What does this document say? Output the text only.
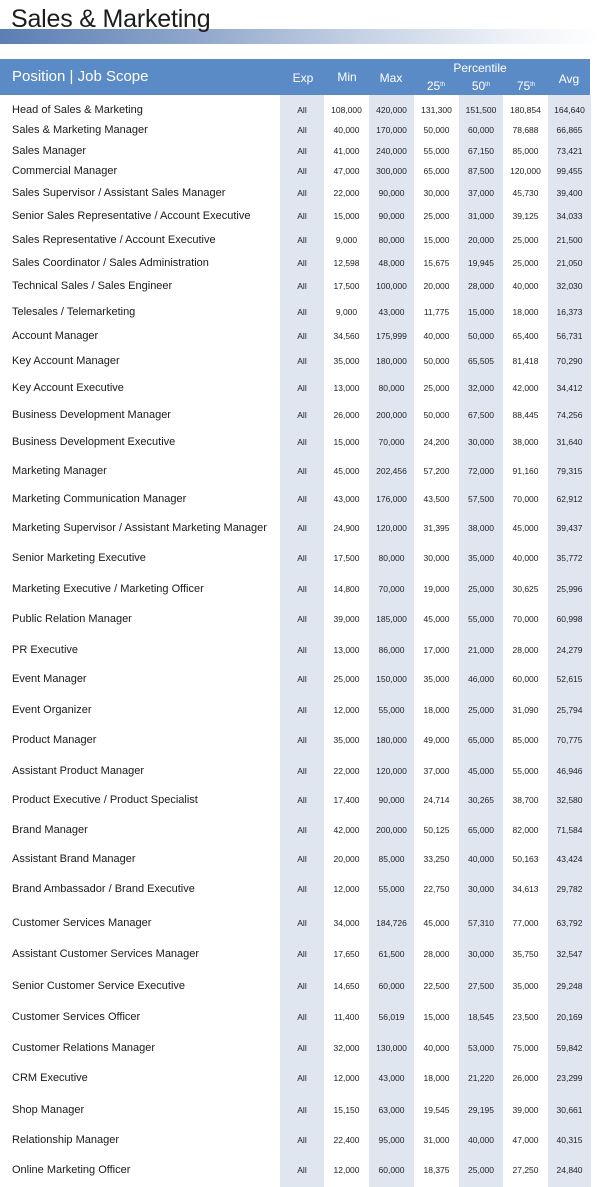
Sales & Marketing
Position | Job Scope	Exp	Min	Max
Percentile
25th	50th	75th	Avg
Head of Sales & Marketing	All	108,000	420,000	131,300	151,500	180,854	164,640
Sales & Marketing Manager	All	40,000	170,000	50,000	60,000	78,688	66,865
Sales Manager	All	41,000	240,000	55,000	67,150	85,000	73,421
Commercial Manager	All	47,000	300,000	65,000	87,500	120,000	99,455
Sales Supervisor / Assistant Sales Manager	All	22,000	90,000	30,000	37,000	45,730	39,400
Senior Sales Representative / Account Executive	All	15,000	90,000	25,000	31,000	39,125	34,033
Sales Representative / Account Executive	All	9,000	80,000	15,000	20,000	25,000	21,500
Sales Coordinator / Sales Administration	All	12,598	48,000	15,675	19,945	25,000	21,050
Technical Sales / Sales Engineer	All	17,500	100,000	20,000	28,000	40,000	32,030
Telesales / Telemarketing	All	9,000	43,000	11,775	15,000	18,000	16,373
Account Manager	All	34,560	175,999	40,000	50,000	65,400	56,731
Key Account Manager	All	35,000	180,000	50,000	65,505	81,418	70,290
Key Account Executive	All	13,000	80,000	25,000	32,000	42,000	34,412
Business Development Manager	All	26,000	200,000	50,000	67,500	88,445	74,256
Business Development Executive	All	15,000	70,000	24,200	30,000	38,000	31,640
Marketing Manager	All	45,000	202,456	57,200	72,000	91,160	79,315
Marketing Communication Manager	All	43,000	176,000	43,500	57,500	70,000	62,912
Marketing Supervisor / Assistant Marketing Manager	All	24,900	120,000	31,395	38,000	45,000	39,437
Senior Marketing Executive	All	17,500	80,000	30,000	35,000	40,000	35,772
Marketing Executive / Marketing Officer	All	14,800	70,000	19,000	25,000	30,625	25,996
Public Relation Manager	All	39,000	185,000	45,000	55,000	70,000	60,998
PR Executive	All	13,000	86,000	17,000	21,000	28,000	24,279
Event Manager	All	25,000	150,000	35,000	46,000	60,000	52,615
Event Organizer	All	12,000	55,000	18,000	25,000	31,090	25,794
Product Manager	All	35,000	180,000	49,000	65,000	85,000	70,775
Assistant Product Manager	All	22,000	120,000	37,000	45,000	55,000	46,946
Product Executive / Product Specialist	All	17,400	90,000	24,714	30,265	38,700	32,580
Brand Manager	All	42,000	200,000	50,125	65,000	82,000	71,584
Assistant Brand Manager	All	20,000	85,000	33,250	40,000	50,163	43,424
Brand Ambassador / Brand Executive	All	12,000	55,000	22,750	30,000	34,613	29,782
Customer Services Manager	All	34,000	184,726	45,000	57,310	77,000	63,792
Assistant Customer Services Manager	All	17,650	61,500	28,000	30,000	35,750	32,547
Senior Customer Service Executive	All	14,650	60,000	22,500	27,500	35,000	29,248
Customer Services Officer	All	11,400	56,019	15,000	18,545	23,500	20,169
Customer Relations Manager	All	32,000	130,000	40,000	53,000	75,000	59,842
CRM Executive	All	12,000	43,000	18,000	21,220	26,000	23,299
Shop Manager	All	15,150	63,000	19,545	29,195	39,000	30,661
Relationship Manager	All	22,400	95,000	31,000	40,000	47,000	40,315
Online Marketing Officer	All	12,000	60,000	18,375	25,000	27,250	24,840
